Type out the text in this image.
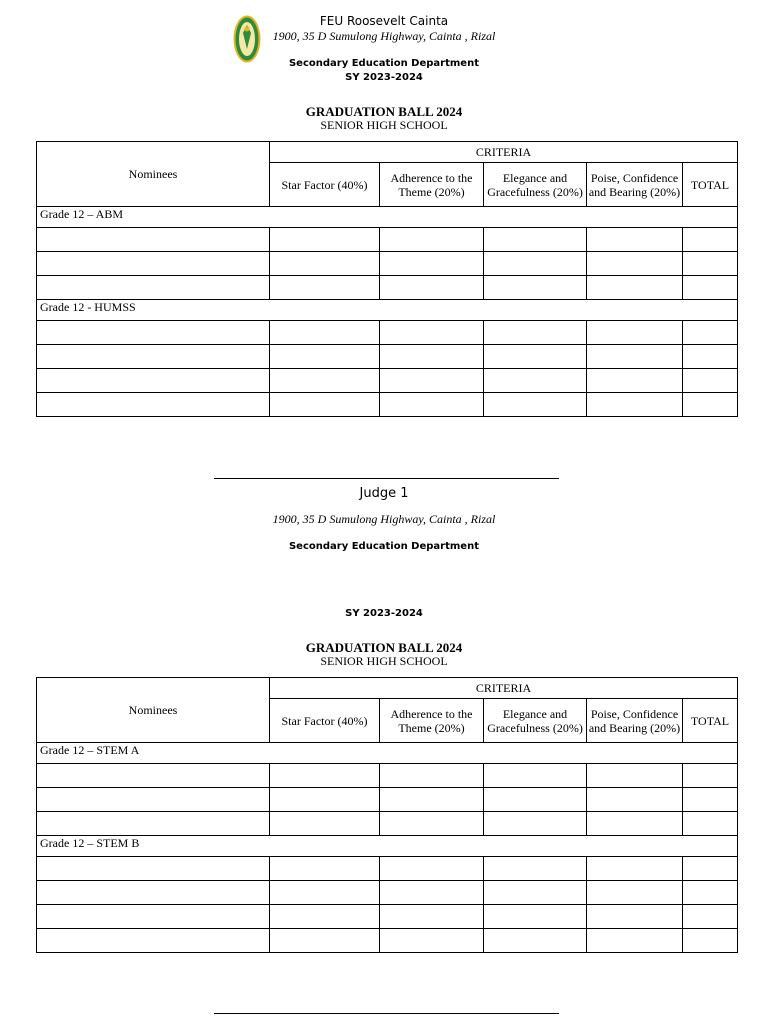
FEU Roosevelt Cainta
1900, 35 D Sumulong Highway, Cainta , Rizal
Secondary Education Department
SY 2023-2024
GRADUATION BALL 2024
SENIOR HIGH SCHOOL
Nominees	CRITERIA				
	Star Factor (40%)	Adherence to the Theme (20%)	Elegance and Gracefulness (20%)	Poise, Confidence and Bearing (20%)	TOTAL
Grade 12 – ABM					

Grade 12 - HUMSS					

Judge 1
1900, 35 D Sumulong Highway, Cainta , Rizal
Secondary Education Department
SY 2023-2024
GRADUATION BALL 2024
SENIOR HIGH SCHOOL
Nominees	CRITERIA				
	Star Factor (40%)	Adherence to the Theme (20%)	Elegance and Gracefulness (20%)	Poise, Confidence and Bearing (20%)	TOTAL
Grade 12 – STEM A					

Grade 12 – STEM B					
